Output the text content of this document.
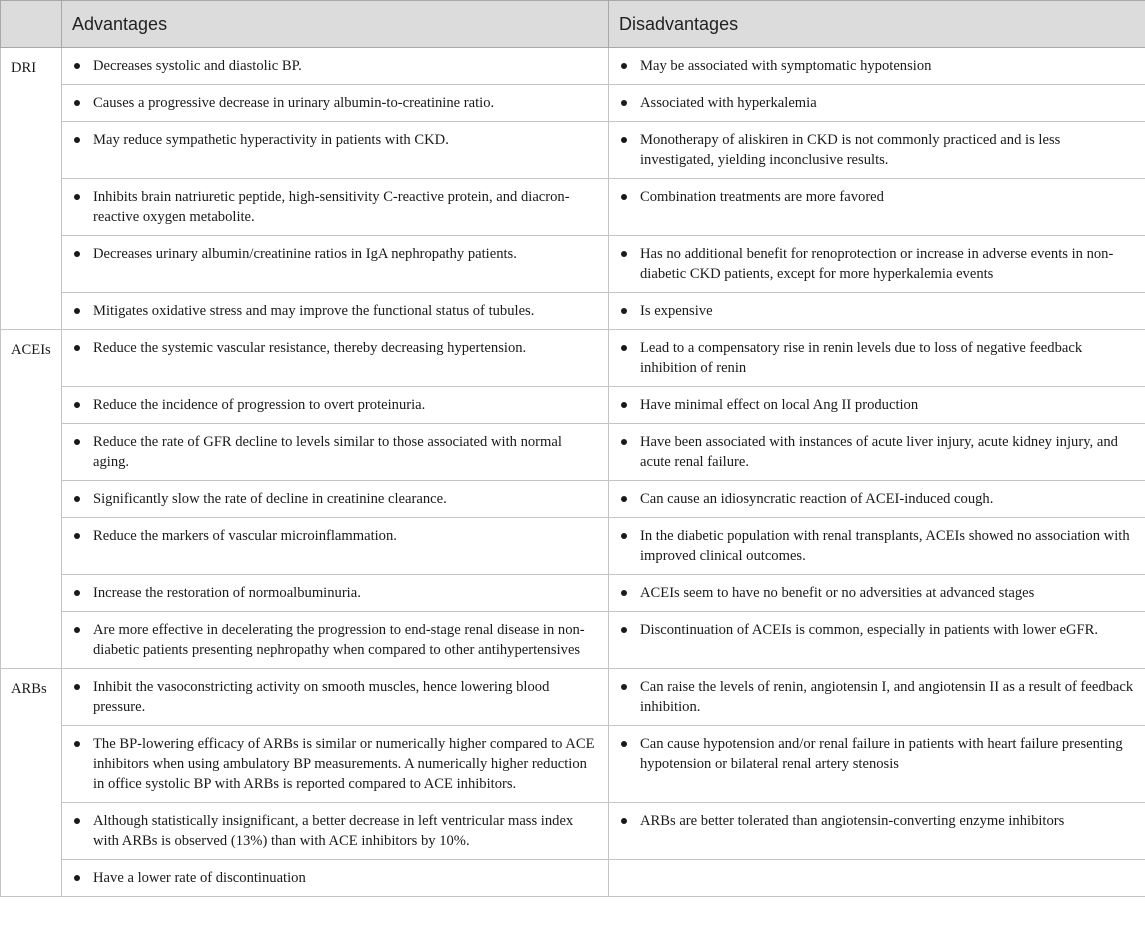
	Advantages	Disadvantages
DRI	Decreases systolic and diastolic BP.	May be associated with symptomatic hypotension

	Causes a progressive decrease in urinary albumin-to-creatinine ratio.	Associated with hyperkalemia

	May reduce sympathetic hyperactivity in patients with CKD.	Monotherapy of aliskiren in CKD is not commonly practiced and is less investigated, yielding inconclusive results.

	Inhibits brain natriuretic peptide, high-sensitivity C-reactive protein, and diacron-reactive oxygen metabolite.	Combination treatments are more favored

	Decreases urinary albumin/creatinine ratios in IgA nephropathy patients.	Has no additional benefit for renoprotection or increase in adverse events in non-diabetic CKD patients, except for more hyperkalemia events

	Mitigates oxidative stress and may improve the functional status of tubules.	Is expensive

ACEIs	Reduce the systemic vascular resistance, thereby decreasing hypertension.	Lead to a compensatory rise in renin levels due to loss of negative feedback inhibition of renin

	Reduce the incidence of progression to overt proteinuria.	Have minimal effect on local Ang II production

	Reduce the rate of GFR decline to levels similar to those associated with normal aging.	Have been associated with instances of acute liver injury, acute kidney injury, and acute renal failure.

	Significantly slow the rate of decline in creatinine clearance.	Can cause an idiosyncratic reaction of ACEI-induced cough.

	Reduce the markers of vascular microinflammation.	In the diabetic population with renal transplants, ACEIs showed no association with improved clinical outcomes.

	Increase the restoration of normoalbuminuria.	ACEIs seem to have no benefit or no adversities at advanced stages

	Are more effective in decelerating the progression to end-stage renal disease in non-diabetic patients presenting nephropathy when compared to other antihypertensives	Discontinuation of ACEIs is common, especially in patients with lower eGFR.

ARBs	Inhibit the vasoconstricting activity on smooth muscles, hence lowering blood pressure.	Can raise the levels of renin, angiotensin I, and angiotensin II as a result of feedback inhibition.

	The BP-lowering efficacy of ARBs is similar or numerically higher compared to ACE inhibitors when using ambulatory BP measurements. A numerically higher reduction in office systolic BP with ARBs is reported compared to ACE inhibitors.	Can cause hypotension and/or renal failure in patients with heart failure presenting hypotension or bilateral renal artery stenosis

	Although statistically insignificant, a better decrease in left ventricular mass index with ARBs is observed (13%) than with ACE inhibitors by 10%.	ARBs are better tolerated than angiotensin-converting enzyme inhibitors

	Have a lower rate of discontinuation	
